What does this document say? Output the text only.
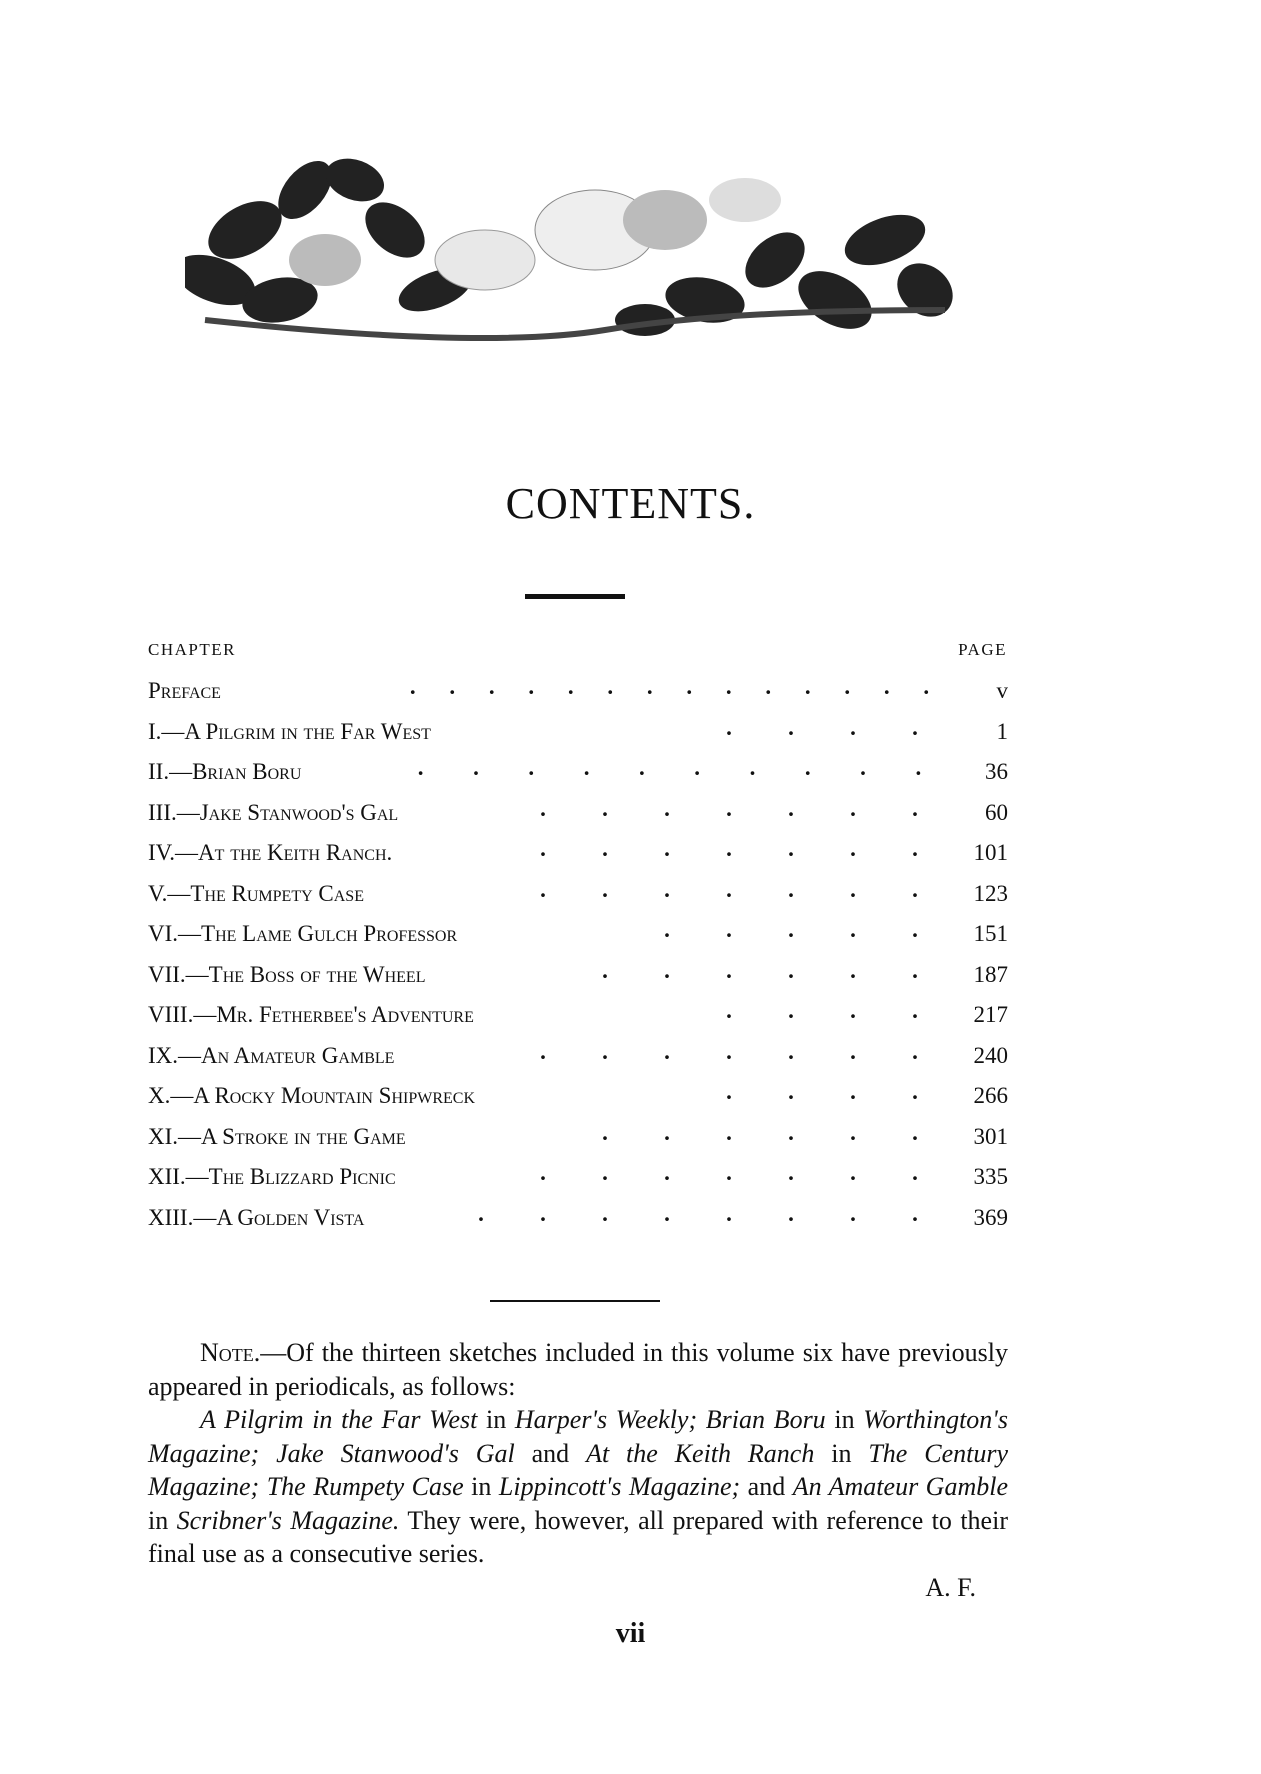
CONTENTS.
CHAPTER	PAGE
Preface	.	.	.	.	.	.	.	.	.	.	.	.	.	.	v
I.—A Pilgrim in the Far West	.	.	.	.	1
II.—Brian Boru	.	.	.	.	.	.	.	.	.	.	36
III.—Jake Stanwood's Gal	.	.	.	.	.	.	.	60
IV.—At the Keith Ranch.	.	.	.	.	.	.	.	101
V.—The Rumpety Case	.	.	.	.	.	.	.	123
VI.—The Lame Gulch Professor	.	.	.	.	.	151
VII.—The Boss of the Wheel	.	.	.	.	.	.	187
VIII.—Mr. Fetherbee's Adventure	.	.	.	.	217
IX.—An Amateur Gamble	.	.	.	.	.	.	.	240
X.—A Rocky Mountain Shipwreck	.	.	.	.	266
XI.—A Stroke in the Game	.	.	.	.	.	.	301
XII.—The Blizzard Picnic	.	.	.	.	.	.	.	335
XIII.—A Golden Vista	.	.	.	.	.	.	.	.	369

Note.—Of the thirteen sketches included in this volume six have previously appeared in periodicals, as follows:

A Pilgrim in the Far West in Harper's Weekly; Brian Boru in Worthington's Magazine; Jake Stanwood's Gal and At the Keith Ranch in The Century Magazine; The Rumpety Case in Lippincott's Magazine; and An Amateur Gamble in Scribner's Magazine. They were, however, all prepared with reference to their final use as a consecutive series.

A. F.

vii
